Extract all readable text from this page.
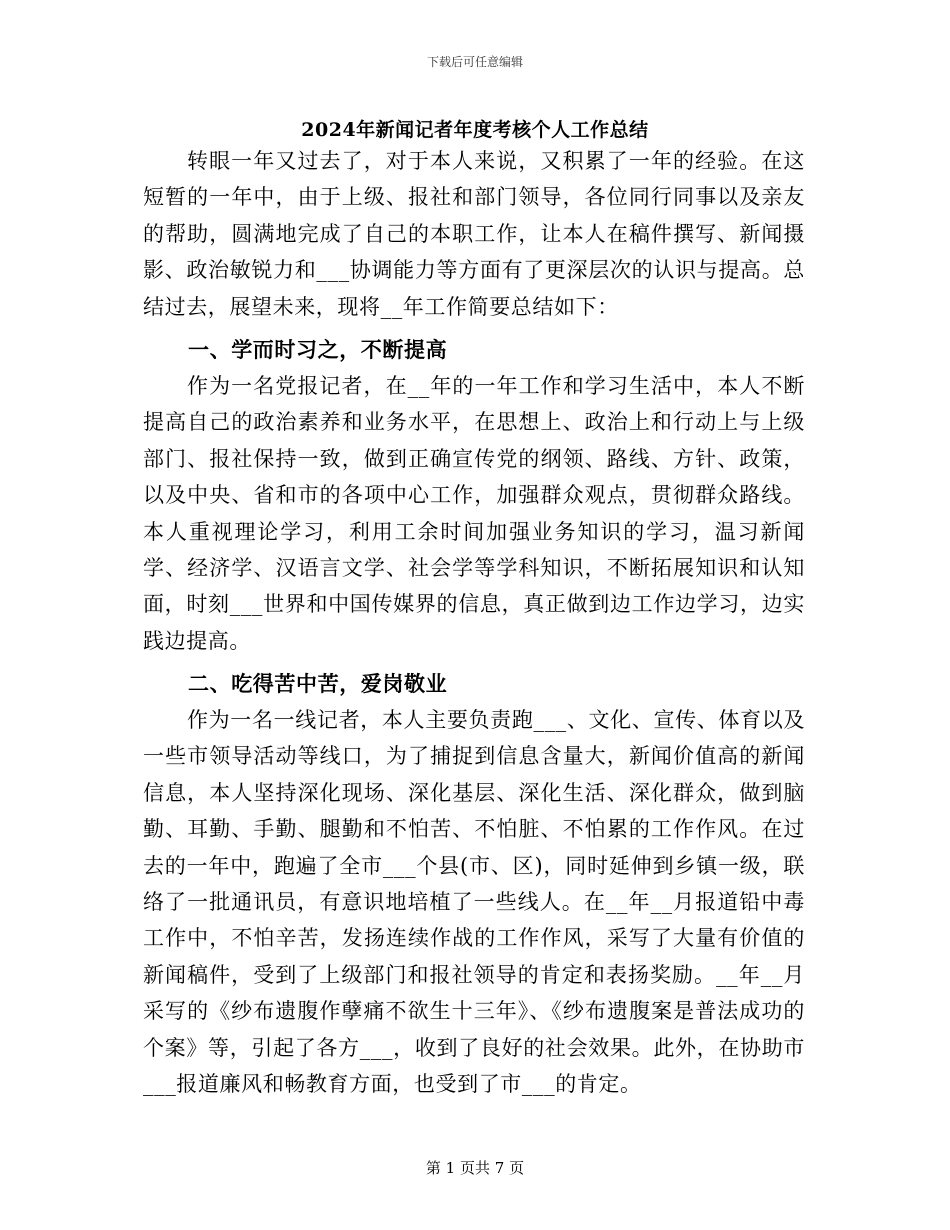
下载后可任意编辑
2024年新闻记者年度考核个人工作总结

转眼一年又过去了，对于本人来说，又积累了一年的经验。在这短暂的一年中，由于上级、报社和部门领导，各位同行同事以及亲友的帮助，圆满地完成了自己的本职工作，让本人在稿件撰写、新闻摄影、政治敏锐力和___协调能力等方面有了更深层次的认识与提高。总结过去，展望未来，现将__年工作简要总结如下：

一、学而时习之，不断提高

作为一名党报记者，在__年的一年工作和学习生活中，本人不断提高自己的政治素养和业务水平，在思想上、政治上和行动上与上级部门、报社保持一致，做到正确宣传党的纲领、路线、方针、政策，以及中央、省和市的各项中心工作，加强群众观点，贯彻群众路线。本人重视理论学习，利用工余时间加强业务知识的学习，温习新闻学、经济学、汉语言文学、社会学等学科知识，不断拓展知识和认知面，时刻___世界和中国传媒界的信息，真正做到边工作边学习，边实践边提高。

二、吃得苦中苦，爱岗敬业

作为一名一线记者，本人主要负责跑___、文化、宣传、体育以及一些市领导活动等线口，为了捕捉到信息含量大，新闻价值高的新闻信息，本人坚持深化现场、深化基层、深化生活、深化群众，做到脑勤、耳勤、手勤、腿勤和不怕苦、不怕脏、不怕累的工作作风。在过去的一年中，跑遍了全市___个县(市、区)，同时延伸到乡镇一级，联络了一批通讯员，有意识地培植了一些线人。在__年__月报道铅中毒工作中，不怕辛苦，发扬连续作战的工作作风，采写了大量有价值的新闻稿件，受到了上级部门和报社领导的肯定和表扬奖励。__年__月采写的《纱布遗腹作孽痛不欲生十三年》、《纱布遗腹案是普法成功的个案》等，引起了各方___，收到了良好的社会效果。此外，在协助市___报道廉风和畅教育方面，也受到了市___的肯定。

第 1 页共 7 页
